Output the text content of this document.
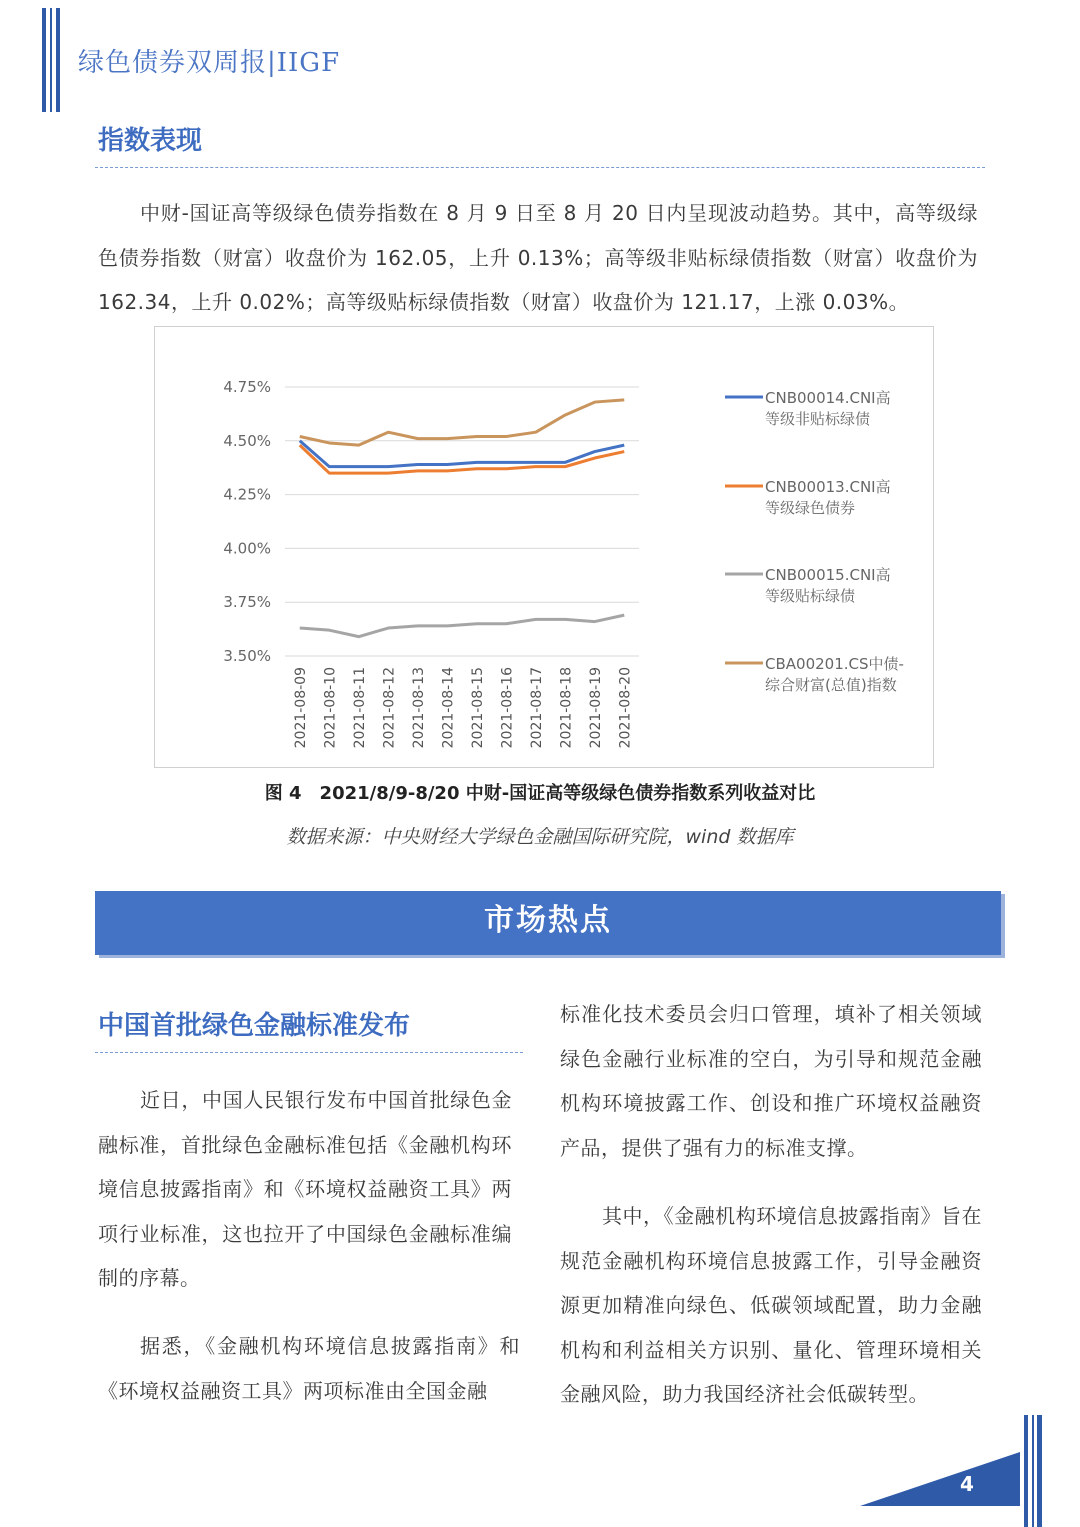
绿色债券双周报|IIGF
指数表现
中财-国证高等级绿色债券指数在 8 月 9 日至 8 月 20 日内呈现波动趋势。其中，高等级绿色债券指数（财富）收盘价为 162.05，上升 0.13%；高等级非贴标绿债指数（财富）收盘价为 162.34，上升 0.02%；高等级贴标绿债指数（财富）收盘价为 121.17，上涨 0.03%。
4.75%
4.50%
4.25%
4.00%
3.75%
3.50%
2021-08-09 2021-08-10 2021-08-11 2021-08-12 2021-08-13 2021-08-14 2021-08-15 2021-08-16 2021-08-17 2021-08-18 2021-08-19 2021-08-20
CNB00014.CNI高
等级非贴标绿债
CNB00013.CNI高
等级绿色债券
CNB00015.CNI高
等级贴标绿债
CBA00201.CS中债-
综合财富(总值)指数
图 4　2021/8/9-8/20 中财-国证高等级绿色债券指数系列收益对比
数据来源：中央财经大学绿色金融国际研究院，wind 数据库
市场热点
中国首批绿色金融标准发布
近日，中国人民银行发布中国首批绿色金融标准，首批绿色金融标准包括《金融机构环境信息披露指南》和《环境权益融资工具》两项行业标准，这也拉开了中国绿色金融标准编制的序幕。
据悉，《金融机构环境信息披露指南》和《环境权益融资工具》两项标准由全国金融
标准化技术委员会归口管理，填补了相关领域绿色金融行业标准的空白，为引导和规范金融机构环境披露工作、创设和推广环境权益融资产品，提供了强有力的标准支撑。
其中，《金融机构环境信息披露指南》旨在规范金融机构环境信息披露工作，引导金融资源更加精准向绿色、低碳领域配置，助力金融机构和利益相关方识别、量化、管理环境相关金融风险，助力我国经济社会低碳转型。
4
